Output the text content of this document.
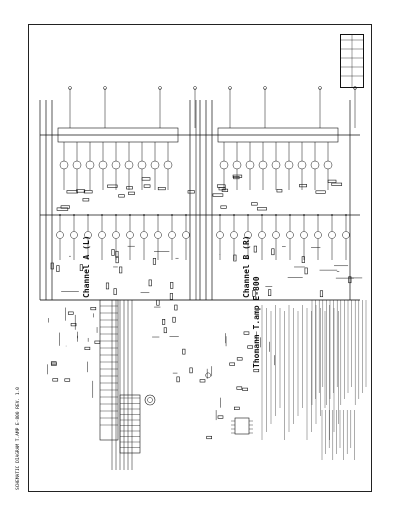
Channel A (L)	Channel B (R)
Thomann T.amp E-800
SCHEMATIC DIAGRAM T.AMP E-800 REV. 1.0
